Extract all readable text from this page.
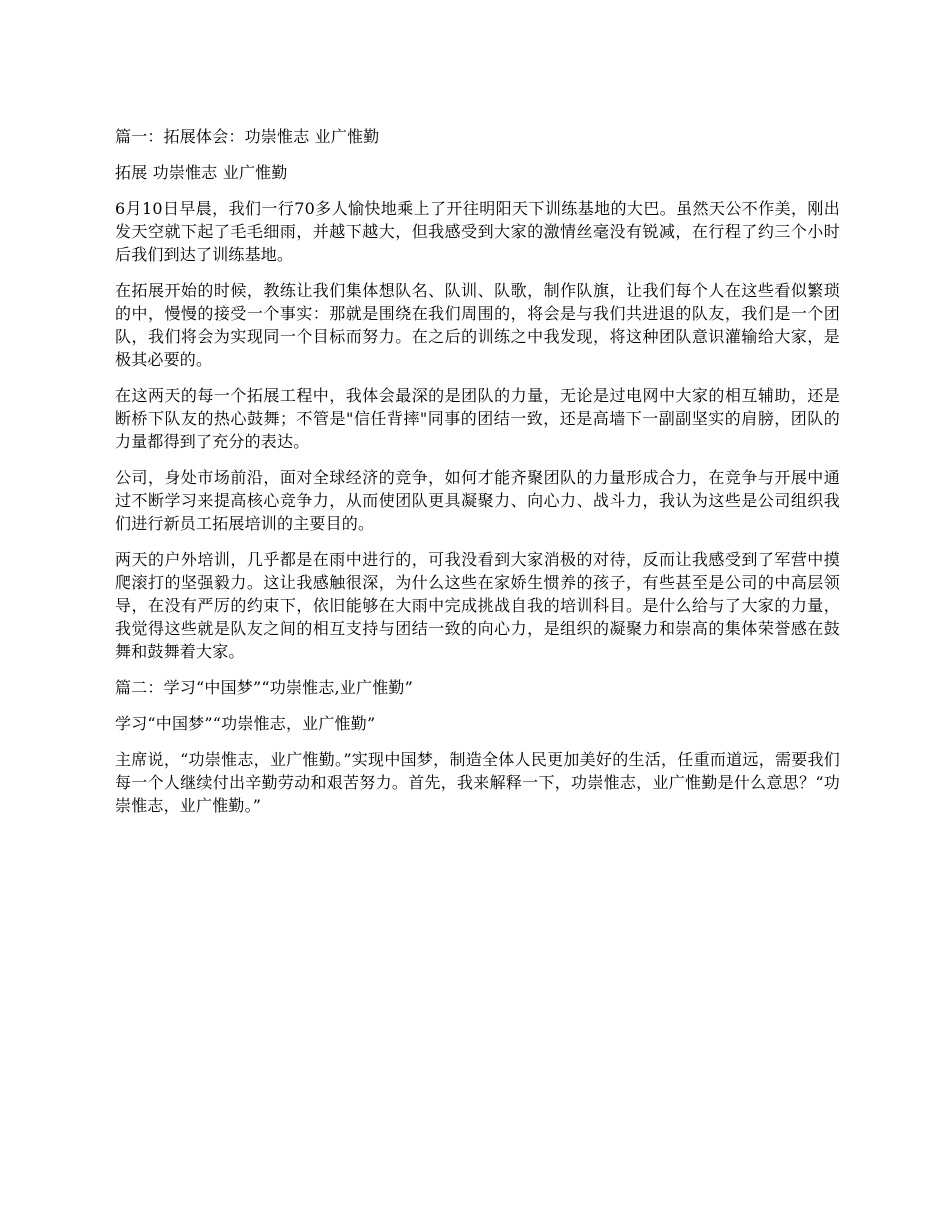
篇一：拓展体会：功崇惟志 业广惟勤

拓展 功崇惟志 业广惟勤

6月10日早晨，我们一行70多人愉快地乘上了开往明阳天下训练基地的大巴。虽然天公不作美，刚出发天空就下起了毛毛细雨，并越下越大，但我感受到大家的激情丝毫没有锐减，在行程了约三个小时后我们到达了训练基地。

在拓展开始的时候，教练让我们集体想队名、队训、队歌，制作队旗，让我们每个人在这些看似繁琐的中，慢慢的接受一个事实：那就是围绕在我们周围的，将会是与我们共进退的队友，我们是一个团队，我们将会为实现同一个目标而努力。在之后的训练之中我发现，将这种团队意识灌输给大家，是极其必要的。

在这两天的每一个拓展工程中，我体会最深的是团队的力量，无论是过电网中大家的相互辅助，还是断桥下队友的热心鼓舞；不管是"信任背摔"同事的团结一致，还是高墙下一副副坚实的肩膀，团队的力量都得到了充分的表达。

公司，身处市场前沿，面对全球经济的竞争，如何才能齐聚团队的力量形成合力，在竞争与开展中通过不断学习来提高核心竞争力，从而使团队更具凝聚力、向心力、战斗力，我认为这些是公司组织我们进行新员工拓展培训的主要目的。

两天的户外培训，几乎都是在雨中进行的，可我没看到大家消极的对待，反而让我感受到了军营中摸爬滚打的坚强毅力。这让我感触很深，为什么这些在家娇生惯养的孩子，有些甚至是公司的中高层领导，在没有严厉的约束下，依旧能够在大雨中完成挑战自我的培训科目。是什么给与了大家的力量，我觉得这些就是队友之间的相互支持与团结一致的向心力，是组织的凝聚力和崇高的集体荣誉感在鼓舞和鼓舞着大家。

篇二：学习“中国梦”“功崇惟志,业广惟勤”

学习“中国梦”“功崇惟志，业广惟勤”

主席说，“功崇惟志，业广惟勤。”实现中国梦，制造全体人民更加美好的生活，任重而道远，需要我们每一个人继续付出辛勤劳动和艰苦努力。首先，我来解释一下，功崇惟志，业广惟勤是什么意思？“功崇惟志，业广惟勤。”
